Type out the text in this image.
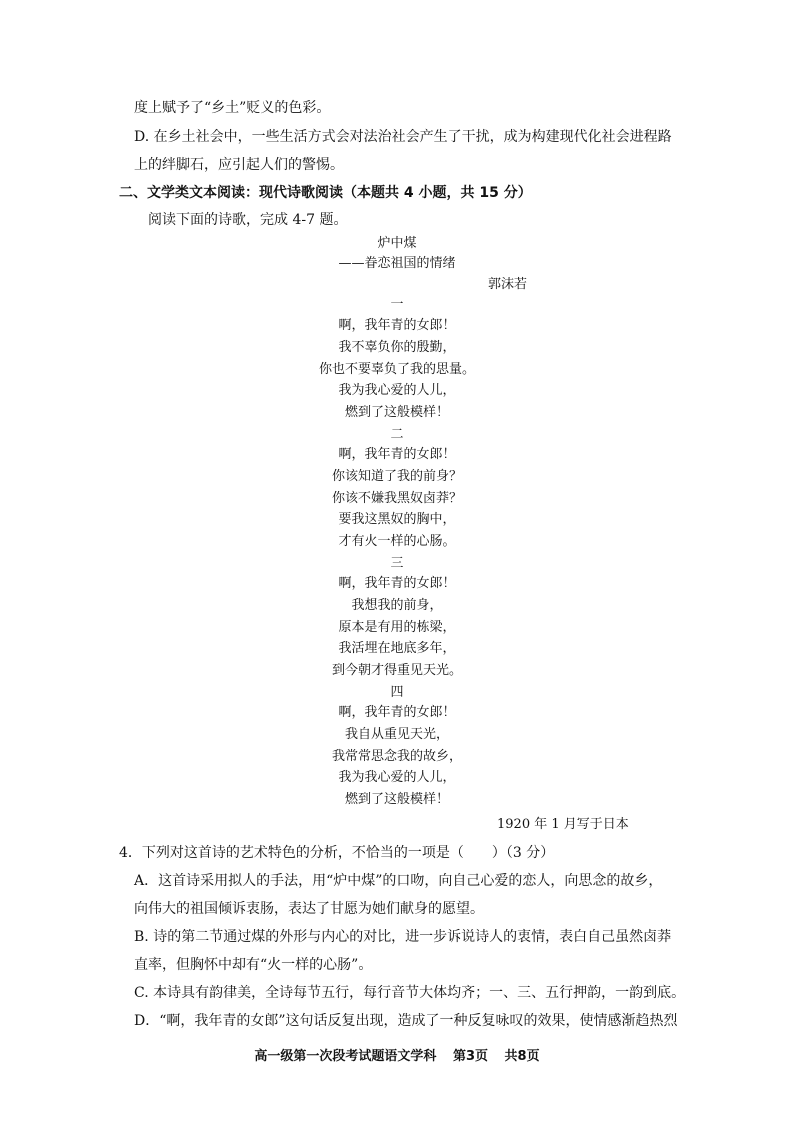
度上赋予了“乡土”贬义的色彩。
D. 在乡土社会中，一些生活方式会对法治社会产生了干扰，成为构建现代化社会进程路
上的绊脚石，应引起人们的警惕。
二、文学类文本阅读：现代诗歌阅读（本题共 4 小题，共 15 分）
阅读下面的诗歌，完成 4-7 题。
炉中煤
——眷恋祖国的情绪
郭沫若
一
啊，我年青的女郎！
我不辜负你的殷勤，
你也不要辜负了我的思量。
我为我心爱的人儿，
燃到了这般模样！
二
啊，我年青的女郎！
你该知道了我的前身？
你该不嫌我黑奴卤莽？
要我这黑奴的胸中，
才有火一样的心肠。
三
啊，我年青的女郎！
我想我的前身，
原本是有用的栋梁，
我活埋在地底多年，
到今朝才得重见天光。
四
啊，我年青的女郎！
我自从重见天光，
我常常思念我的故乡，
我为我心爱的人儿，
燃到了这般模样！
1920 年 1 月写于日本
4．下列对这首诗的艺术特色的分析，不恰当的一项是（　　）（3 分）
A．这首诗采用拟人的手法，用“炉中煤”的口吻，向自己心爱的恋人，向思念的故乡，
向伟大的祖国倾诉衷肠，表达了甘愿为她们献身的愿望。
B. 诗的第二节通过煤的外形与内心的对比，进一步诉说诗人的衷情，表白自己虽然卤莽
直率，但胸怀中却有“火一样的心肠”。
C. 本诗具有韵律美，全诗每节五行，每行音节大体均齐；一、三、五行押韵，一韵到底。
D．“啊，我年青的女郎”这句话反复出现，造成了一种反复咏叹的效果，使情感渐趋热烈
高一级第一次段考试题语文学科 第3页 共8页
